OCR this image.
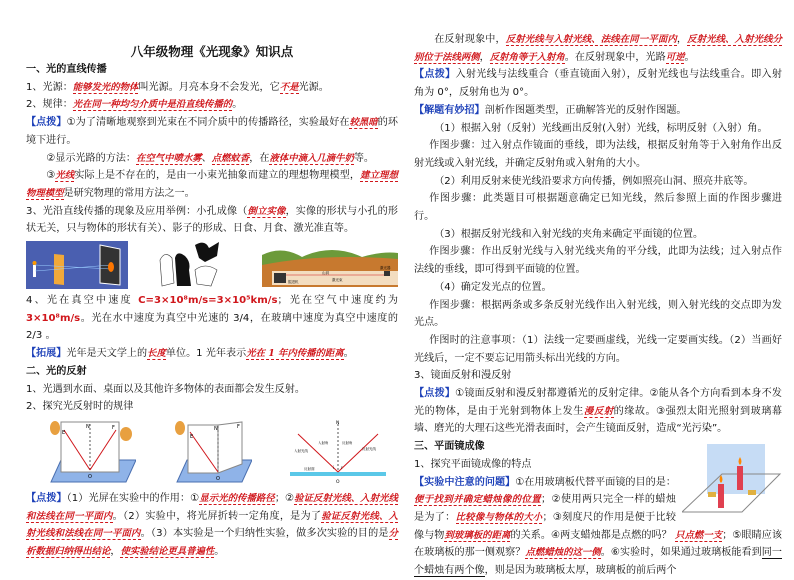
八年级物理《光现象》知识点
一、光的直线传播
1、光源：能够发光的物体叫光源。月亮本身不会发光，它不是光源。
2、规律：光在同一种均匀介质中是沿直线传播的。
【点拨】①为了清晰地观察到光束在不同介质中的传播路径，实验最好在较黑暗的环境下进行。
②显示光路的方法：在空气中喷水雾、点燃蚊香，在液体中滴入几滴牛奶等。
③光线实际上是不存在的，是由一小束光抽象而建立的理想物理模型，建立理想物理模型是研究物理的常用方法之一。
3、光沿直线传播的现象及应用举例：小孔成像（倒立实像，实像的形状与小孔的形状无关，只与物体的形状有关）、影子的形成、日食、月食、激光准直等。
山洞
激光束
掘进机
激光器
4、光在真空中速度 C=3×10⁸m/s=3×10⁵km/s；光在空气中速度约为 3×10⁸m/s。光在水中速度为真空中光速的 3/4，在玻璃中速度为真空中速度的 2/3 。
【拓展】光年是天文学上的长度单位。1 光年表示光在 1 年内传播的距离。
二、光的反射
1、光遇到水面、桌面以及其他许多物体的表面都会发生反射。
2、探究光反射时的规律
N
E
F
O
N
E
F
O
N
入射角	反射角
入射光线	反射光线
反射面	i r
O
【点拨】（1）光屏在实验中的作用：①显示光的传播路径；②验证反射光线、入射光线和法线在同一平面内。（2）实验中，将光屏折转一定角度，是为了验证反射光线、入射光线和法线在同一平面内。（3）本实验是一个归纳性实验，做多次实验的目的是分析数据归纳得出结论，使实验结论更具普遍性。
在反射现象中，反射光线与入射光线、法线在同一平面内，反射光线、入射光线分别位于法线两侧，反射角等于入射角。在反射现象中，光路可逆。
【点拨】入射光线与法线重合（垂直镜面入射），反射光线也与法线重合。即入射角为 0°，反射角也为 0°。
【解题有妙招】剖析作图题类型，正确解答光的反射作图题。
（1）根据入射（反射）光线画出反射(入射）光线，标明反射（入射）角。
作图步骤：过入射点作镜面的垂线，即为法线，根据反射角等于入射角作出反射光线或入射光线，并确定反射角或入射角的大小。
（2）利用反射来使光线沿要求方向传播，例如照亮山洞、照亮井底等。
作图步骤：此类题目可根据题意确定已知光线，然后参照上面的作图步骤进行。
（3）根据反射光线和入射光线的夹角来确定平面镜的位置。
作图步骤：作出反射光线与入射光线夹角的平分线，此即为法线；过入射点作法线的垂线，即可得到平面镜的位置。
（4）确定发光点的位置。
作图步骤：根据两条或多条反射光线作出入射光线，则入射光线的交点即为发光点。
作图时的注意事项：（1）法线一定要画虚线，光线一定要画实线。（2）当画好光线后，一定不要忘记用箭头标出光线的方向。
3、镜面反射和漫反射
【点拨】①镜面反射和漫反射都遵循光的反射定律。②能从各个方向看到本身不发光的物体，是由于光射到物体上发生漫反射的缘故。③强烈太阳光照射到玻璃幕墙、磨光的大理石这些光滑表面时，会产生镜面反射，造成“光污染”。
三、平面镜成像
1、探究平面镜成像的特点
【实验中注意的问题】①在用玻璃板代替平面镜的目的是：便于找到并确定蜡烛像的位置；②使用两只完全一样的蜡烛是为了：比较像与物体的大小；③刻度尺的作用是便于比较像与物到玻璃板的距离的关系。④两支蜡烛都是点燃的吗？ 只点燃一支；⑤眼睛应该在玻璃板的那一侧观察？点燃蜡烛的这一侧。⑥实验时，如果通过玻璃板能看到同一个蜡烛有两个像，则是因为玻璃板太厚，玻璃板的前后两个
